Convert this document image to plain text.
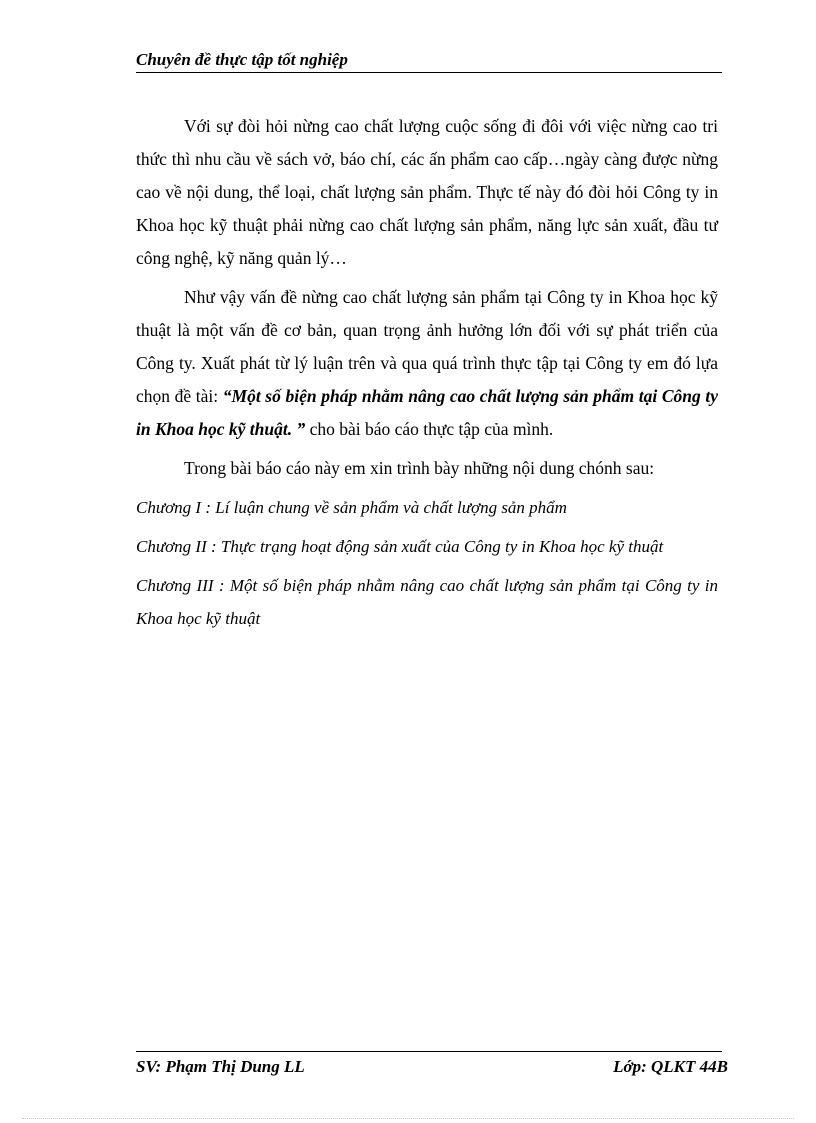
Chuyên đề thực tập tốt nghiệp

Với sự đòi hỏi nừng cao chất lượng cuộc sống đi đôi với việc nừng cao tri thức thì nhu cầu về sách vở, báo chí, các ấn phẩm cao cấp…ngày càng được nừng cao về nội dung, thể loại, chất lượng sản phẩm. Thực tế này đó đòi hỏi Công ty in Khoa học kỹ thuật phải nừng cao chất lượng sản phẩm, năng lực sản xuất, đầu tư công nghệ, kỹ năng quản lý…

Như vậy vấn đề nừng cao chất lượng sản phẩm tại Công ty in Khoa học kỹ thuật là một vấn đề cơ bản, quan trọng ảnh hưởng lớn đối với sự phát triển của Công ty. Xuất phát từ lý luận trên và qua quá trình thực tập tại Công ty em đó lựa chọn đề tài: “Một số biện pháp nhằm nâng cao chất lượng sản phẩm tại Công ty in Khoa học kỹ thuật. ” cho bài báo cáo thực tập của mình.

Trong bài báo cáo này em xin trình bày những nội dung chónh sau:

Chương I : Lí luận chung về sản phẩm và chất lượng sản phẩm

Chương II : Thực trạng hoạt động sản xuất của Công ty in Khoa học kỹ thuật

Chương III : Một số biện pháp nhằm nâng cao chất lượng sản phẩm tại Công ty in Khoa học kỹ thuật

SV: Phạm Thị Dung LL	Lớp: QLKT 44B
